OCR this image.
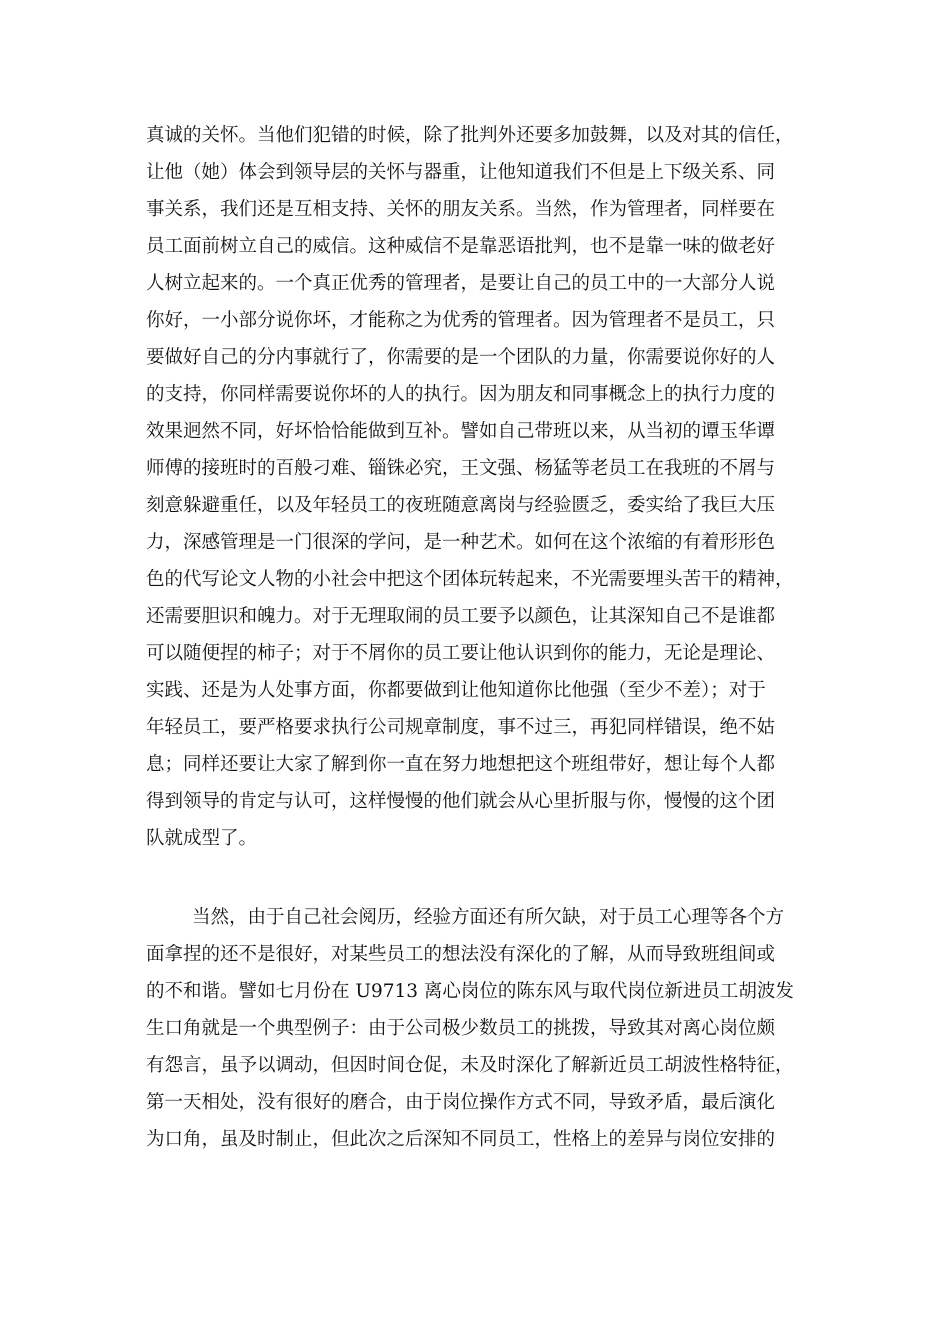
真诚的关怀。当他们犯错的时候，除了批判外还要多加鼓舞，以及对其的信任，
让他（她）体会到领导层的关怀与器重，让他知道我们不但是上下级关系、同
事关系，我们还是互相支持、关怀的朋友关系。当然，作为管理者，同样要在
员工面前树立自己的威信。这种威信不是靠恶语批判，也不是靠一味的做老好
人树立起来的。一个真正优秀的管理者，是要让自己的员工中的一大部分人说
你好，一小部分说你坏，才能称之为优秀的管理者。因为管理者不是员工，只
要做好自己的分内事就行了，你需要的是一个团队的力量，你需要说你好的人
的支持，你同样需要说你坏的人的执行。因为朋友和同事概念上的执行力度的
效果迥然不同，好坏恰恰能做到互补。譬如自己带班以来，从当初的谭玉华谭
师傅的接班时的百般刁难、锱铢必究，王文强、杨猛等老员工在我班的不屑与
刻意躲避重任，以及年轻员工的夜班随意离岗与经验匮乏，委实给了我巨大压
力，深感管理是一门很深的学问，是一种艺术。如何在这个浓缩的有着形形色
色的代写论文人物的小社会中把这个团体玩转起来，不光需要埋头苦干的精神，
还需要胆识和魄力。对于无理取闹的员工要予以颜色，让其深知自己不是谁都
可以随便捏的柿子；对于不屑你的员工要让他认识到你的能力，无论是理论、
实践、还是为人处事方面，你都要做到让他知道你比他强（至少不差）；对于
年轻员工，要严格要求执行公司规章制度，事不过三，再犯同样错误，绝不姑
息；同样还要让大家了解到你一直在努力地想把这个班组带好，想让每个人都
得到领导的肯定与认可，这样慢慢的他们就会从心里折服与你，慢慢的这个团
队就成型了。
当然，由于自己社会阅历，经验方面还有所欠缺，对于员工心理等各个方
面拿捏的还不是很好，对某些员工的想法没有深化的了解，从而导致班组间或
的不和谐。譬如七月份在 U9713 离心岗位的陈东风与取代岗位新进员工胡波发
生口角就是一个典型例子：由于公司极少数员工的挑拨，导致其对离心岗位颇
有怨言，虽予以调动，但因时间仓促，未及时深化了解新近员工胡波性格特征，
第一天相处，没有很好的磨合，由于岗位操作方式不同，导致矛盾，最后演化
为口角，虽及时制止，但此次之后深知不同员工，性格上的差异与岗位安排的
